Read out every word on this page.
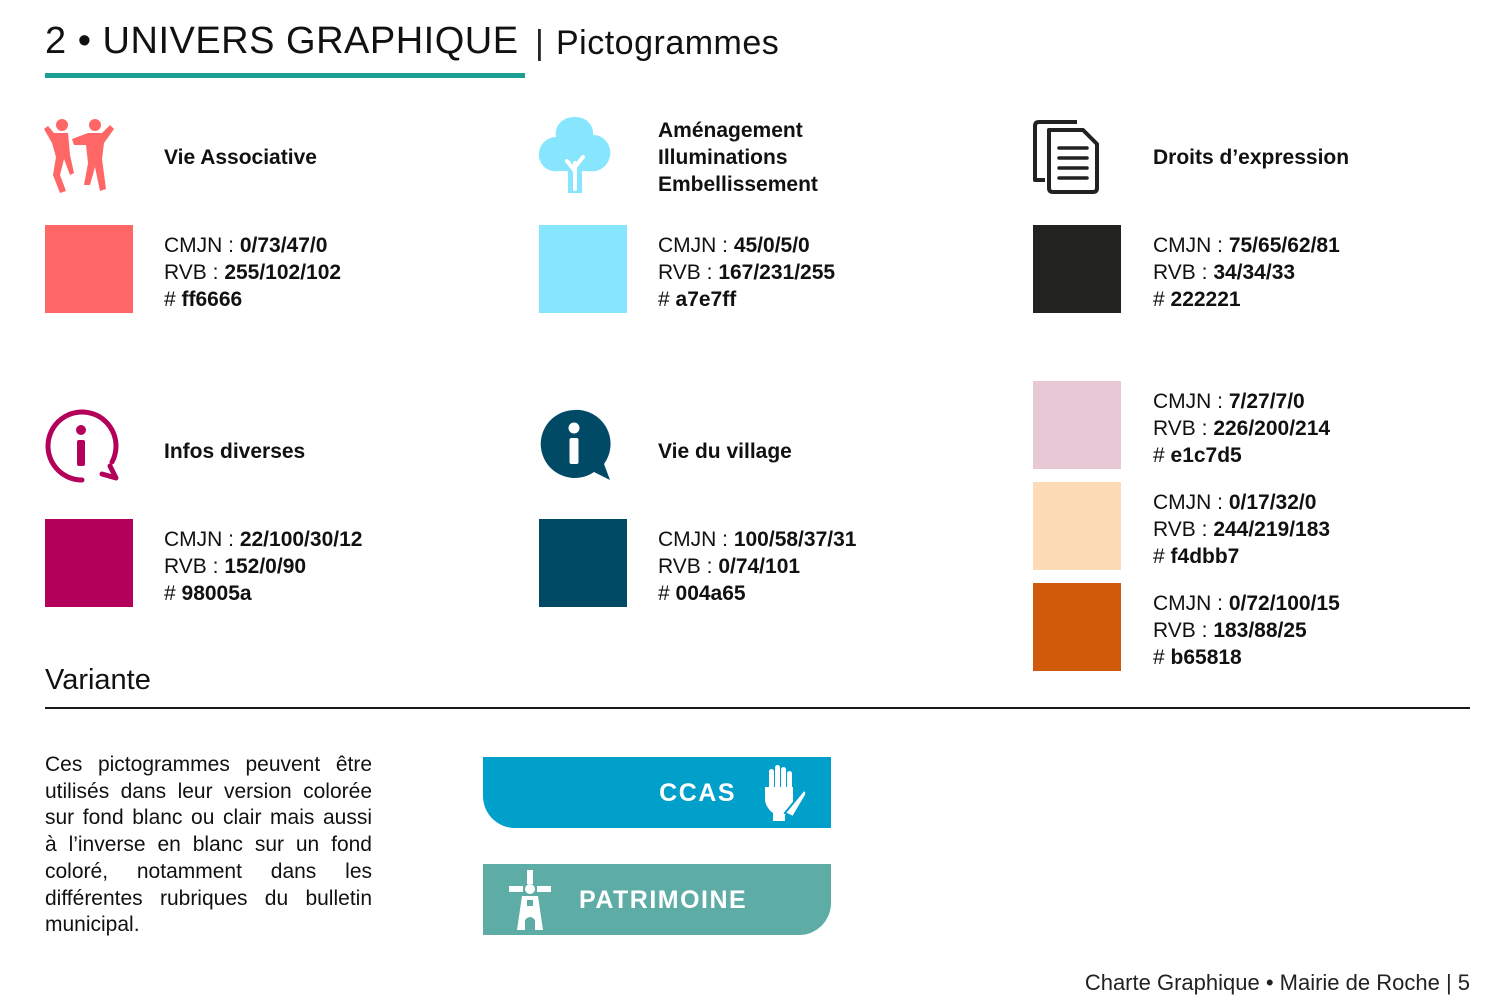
2 • UNIVERS GRAPHIQUE | Pictogrammes
Vie Associative
CMJN : 0/73/47/0
RVB : 255/102/102
# ff6666
Aménagement
Illuminations
Embellissement
CMJN : 45/0/5/0
RVB : 167/231/255
# a7e7ff
Droits d’expression
CMJN : 75/65/62/81
RVB : 34/34/33
# 222221
Infos diverses
CMJN : 22/100/30/12
RVB : 152/0/90
# 98005a
Vie du village
CMJN : 100/58/37/31
RVB : 0/74/101
# 004a65
CMJN : 7/27/7/0
RVB : 226/200/214
# e1c7d5
CMJN : 0/17/32/0
RVB : 244/219/183
# f4dbb7
CMJN : 0/72/100/15
RVB : 183/88/25
# b65818
Variante
Ces pictogrammes peuvent être utilisés dans leur version colorée sur fond blanc ou clair mais aussi à l’inverse en blanc sur un fond coloré, notamment dans les différentes rubriques du bulletin municipal.
CCAS
PATRIMOINE
Charte Graphique • Mairie de Roche | 5
